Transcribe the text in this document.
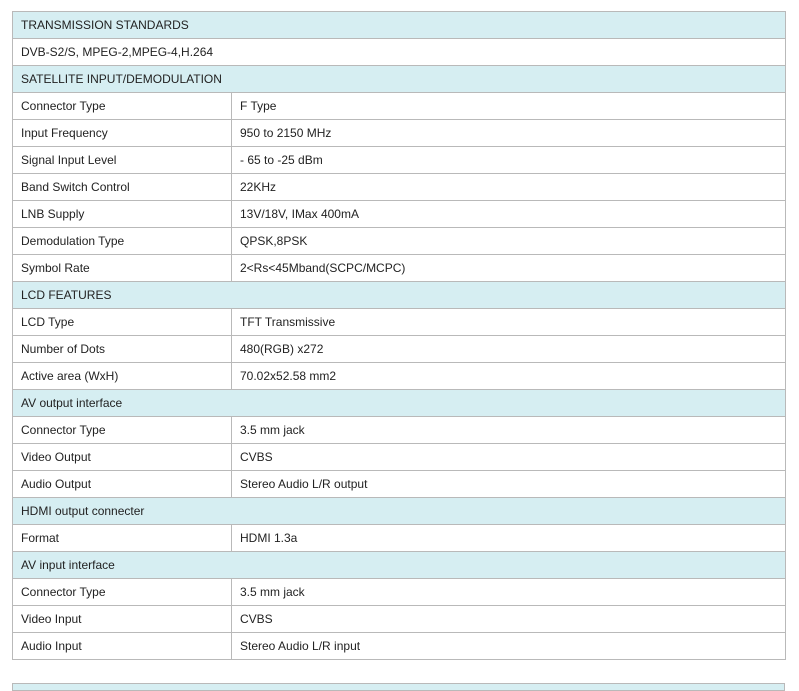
TRANSMISSION STANDARDS	
DVB-S2/S, MPEG-2,MPEG-4,H.264	
SATELLITE INPUT/DEMODULATION	
Connector Type	F Type
Input Frequency	950 to 2150 MHz
Signal Input Level	- 65 to -25 dBm
Band Switch Control	22KHz
LNB Supply	13V/18V, IMax 400mA
Demodulation Type	QPSK,8PSK
Symbol Rate	2<Rs<45Mband(SCPC/MCPC)
LCD FEATURES	
LCD Type	TFT Transmissive
Number of Dots	480(RGB) x272
Active area (WxH)	70.02x52.58 mm2
AV output interface	
Connector Type	3.5 mm jack
Video Output	CVBS
Audio Output	Stereo Audio L/R output
HDMI output connecter	
Format	HDMI 1.3a
AV input interface	
Connector Type	3.5 mm jack
Video Input	CVBS
Audio Input	Stereo Audio L/R input
